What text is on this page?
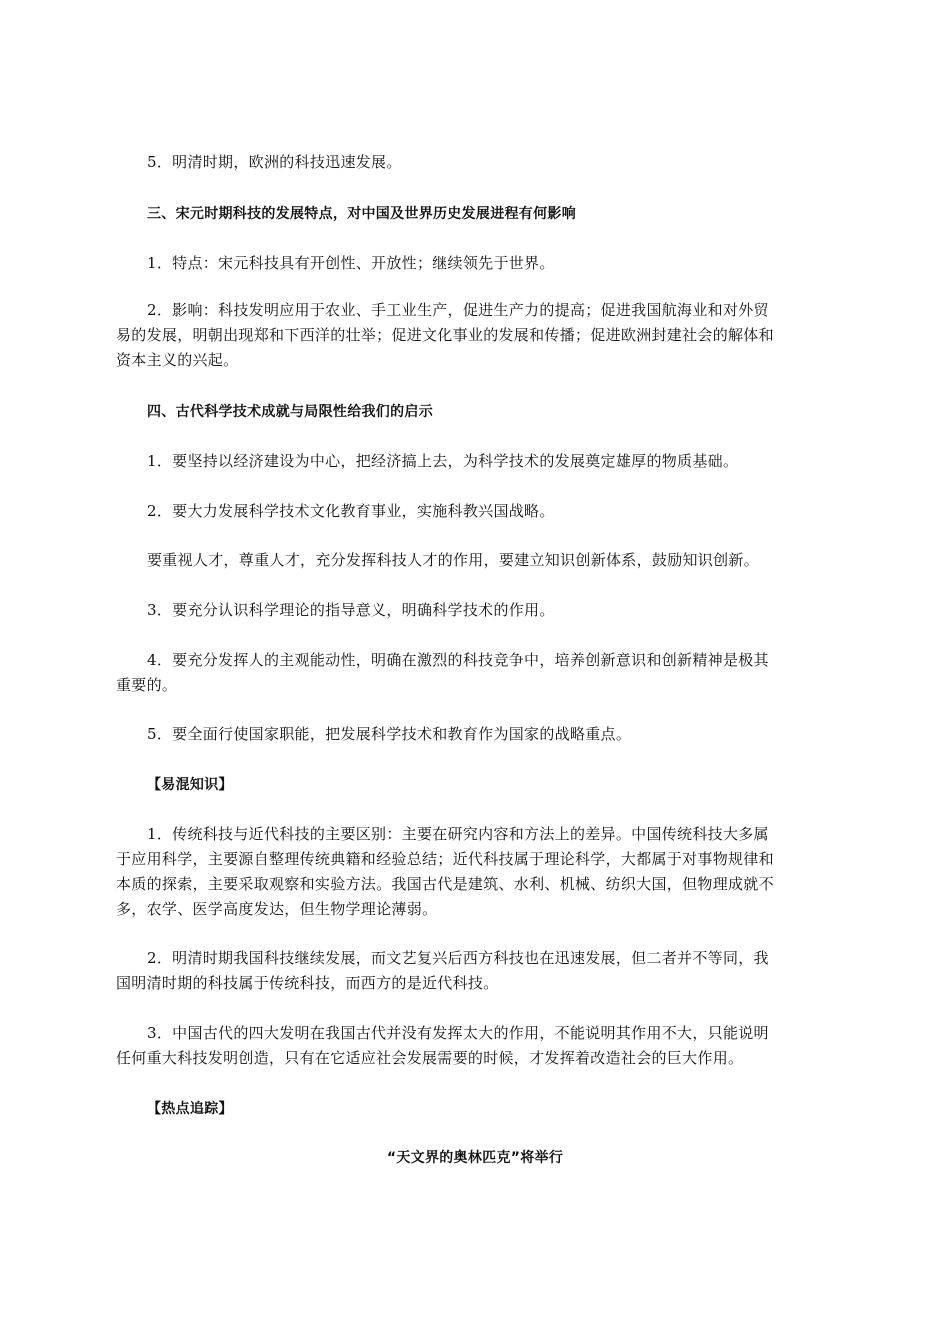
5．明清时期，欧洲的科技迅速发展。
三、宋元时期科技的发展特点，对中国及世界历史发展进程有何影响
1．特点：宋元科技具有开创性、开放性；继续领先于世界。
2．影响：科技发明应用于农业、手工业生产，促进生产力的提高；促进我国航海业和对外贸
易的发展，明朝出现郑和下西洋的壮举；促进文化事业的发展和传播；促进欧洲封建社会的解体和
资本主义的兴起。
四、古代科学技术成就与局限性给我们的启示
1．要坚持以经济建设为中心，把经济搞上去，为科学技术的发展奠定雄厚的物质基础。
2．要大力发展科学技术文化教育事业，实施科教兴国战略。
要重视人才，尊重人才，充分发挥科技人才的作用，要建立知识创新体系，鼓励知识创新。
3．要充分认识科学理论的指导意义，明确科学技术的作用。
4．要充分发挥人的主观能动性，明确在激烈的科技竞争中，培养创新意识和创新精神是极其
重要的。
5．要全面行使国家职能，把发展科学技术和教育作为国家的战略重点。
【易混知识】
1．传统科技与近代科技的主要区别：主要在研究内容和方法上的差异。中国传统科技大多属
于应用科学，主要源自整理传统典籍和经验总结；近代科技属于理论科学，大都属于对事物规律和
本质的探索，主要采取观察和实验方法。我国古代是建筑、水利、机械、纺织大国，但物理成就不
多，农学、医学高度发达，但生物学理论薄弱。
2．明清时期我国科技继续发展，而文艺复兴后西方科技也在迅速发展，但二者并不等同，我
国明清时期的科技属于传统科技，而西方的是近代科技。
3．中国古代的四大发明在我国古代并没有发挥太大的作用，不能说明其作用不大，只能说明
任何重大科技发明创造，只有在它适应社会发展需要的时候，才发挥着改造社会的巨大作用。
【热点追踪】
“天文界的奥林匹克”将举行
